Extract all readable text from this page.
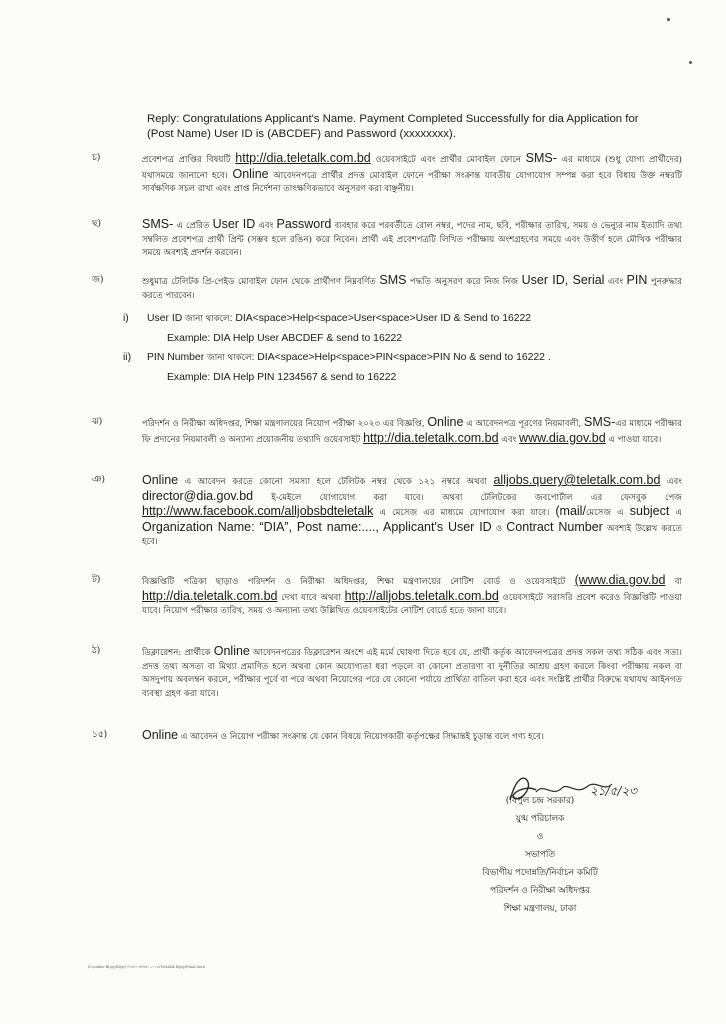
Reply: Congratulations Applicant's Name. Payment Completed Successfully for dia Application for (Post Name) User ID is (ABCDEF) and Password (xxxxxxxx).
চ)	প্রবেশপত্র প্রাপ্তির বিষয়টি http://dia.teletalk.com.bd ওয়েবসাইটে এবং প্রার্থীর মোবাইল ফোনে SMS- এর মাধ্যমে (শুধু যোগ্য প্রার্থীদের) যথাসময়ে জানানো হবে। Online আবেদনপত্রে প্রার্থীর প্রদত্ত মোবাইল ফোনে পরীক্ষা সংক্রান্ত যাবতীয় যোগাযোগ সম্পন্ন করা হবে বিধায় উক্ত নম্বরটি সার্বক্ষণিক সচল রাখা এবং প্রাপ্ত নির্দেশনা তাৎক্ষণিকভাবে অনুসরণ করা বাঞ্ছনীয়।
ছ)	SMS- এ প্রেরিত User ID এবং Password ব্যবহার করে পরবর্তীতে রোল নম্বর, পদের নাম, ছবি, পরীক্ষার তারিখ, সময় ও ভেন্যুর নাম ইত্যাদি তথ্য সম্বলিত প্রবেশপত্র প্রার্থী প্রিন্ট (সম্ভব হলে রঙিন) করে নিবেন। প্রার্থী এই প্রবেশপত্রটি লিখিত পরীক্ষায় অংশগ্রহণের সময়ে এবং উত্তীর্ণ হলে মৌখিক পরীক্ষার সময়ে অবশ্যই প্রদর্শন করবেন।
জ)	শুধুমাত্র টেলিটক প্রি-পেইড মোবাইল ফোন থেকে প্রার্থীগণ নিম্নবর্ণিত SMS পদ্ধতি অনুসরণ করে নিজ নিজ User ID, Serial এবং PIN পুনরুদ্ধার করতে পারবেন।
i)	User ID জানা থাকলে: DIA<space>Help<space>User<space>User ID & Send to 16222
Example: DIA Help User ABCDEF & send to 16222
ii)	PIN Number জানা থাকলে: DIA<space>Help<space>PIN<space>PIN No & send to 16222 .
Example: DIA Help PIN 1234567 & send to 16222
ঝ)	পরিদর্শন ও নিরীক্ষা অধিদপ্তর, শিক্ষা মন্ত্রণালয়ের নিয়োগ পরীক্ষা ২০২৩ এর বিজ্ঞপ্তি, Online এ আবেদনপত্র পূরণের নিয়মাবলী, SMS-এর মাধ্যমে পরীক্ষার ফি প্রদানের নিয়মাবলী ও অন্যান্য প্রয়োজনীয় তথ্যাদি ওয়েবসাইট http://dia.teletalk.com.bd এবং www.dia.gov.bd এ পাওয়া যাবে।
ঞ)	Online এ আবেদন করতে কোনো সমস্যা হলে টেলিটক নম্বর থেকে ১২১ নম্বরে অথবা alljobs.query@teletalk.com.bd এবং director@dia.gov.bd ই-মেইলে যোগাযোগ করা যাবে। অথবা টেলিটকের জবপোর্টাল এর ফেসবুক পেজ http://www.facebook.com/alljobsbdteletalk এ মেসেজ এর মাধ্যমে যোগাযোগ করা যাবে। (mail/মেসেজ এ subject এ Organization Name: “DIA”, Post name:...., Applicant's User ID ও Contract Number অবশ্যই উল্লেখ করতে হবে।
ট)	বিজ্ঞপ্তিটি পত্রিকা ছাড়াও পরিদর্শন ও নিরীক্ষা অধিদপ্তর, শিক্ষা মন্ত্রণালয়ের নোটিশ বোর্ড ও ওয়েবসাইটে (www.dia.gov.bd বা http://dia.teletalk.com.bd দেখা যাবে অথবা http://alljobs.teletalk.com.bd ওয়েবসাইটে সরাসরি প্রবেশ করেও বিজ্ঞপ্তিটি পাওয়া যাবে। নিয়োগ পরীক্ষার তারিখ, সময় ও অন্যান্য তথ্য উল্লিখিত ওয়েবসাইটের নোটিশ বোর্ডে হতে জানা যাবে।
ঠ)	ডিক্লারেশন: প্রার্থীকে Online আবেদনপত্রের ডিক্লারেশন অংশে এই মর্মে ঘোষণা দিতে হবে যে, প্রার্থী কর্তৃক আবেদনপত্রের প্রদত্ত সকল তথ্য সঠিক এবং সত্য। প্রদত্ত তথ্য অসত্য বা মিথ্যা প্রমাণিত হলে অথবা কোন অযোগ্যতা ধরা পড়লে বা কোনো প্রতারণা বা দুর্নীতির আশ্রয় গ্রহণ করলে কিংবা পরীক্ষায় নকল বা অসদুপায় অবলম্বন করলে, পরীক্ষার পূর্বে বা পরে অথবা নিয়োগের পরে যে কোনো পর্যায়ে প্রার্থিতা বাতিল করা হবে এবং সংশ্লিষ্ট প্রার্থীর বিরুদ্ধে যথাযথ আইনগত ব্যবস্থা গ্রহণ করা যাবে।
১৫)	Online এ আবেদন ও নিয়োগ পরীক্ষা সংক্রান্ত যে কোন বিষয়ে নিয়োগকারী কর্তৃপক্ষের সিদ্ধান্তই চূড়ান্ত বলে গণ্য হবে।
২১/৫/২৩
(বিপুল চন্দ্র সরকার)
যুগ্ম পরিচালক
ও
সভাপতি
বিভাগীয় পদোন্নতি/নির্বাচন কমিটি
পরিদর্শন ও নিরীক্ষা অধিদপ্তর
শিক্ষা মন্ত্রণালয়, ঢাকা
D:\online Bijoy\Bijoy\ নিয়োগ প্রক্রিয়া ২০২৩\Teletalk Bijoy\Final.docx
